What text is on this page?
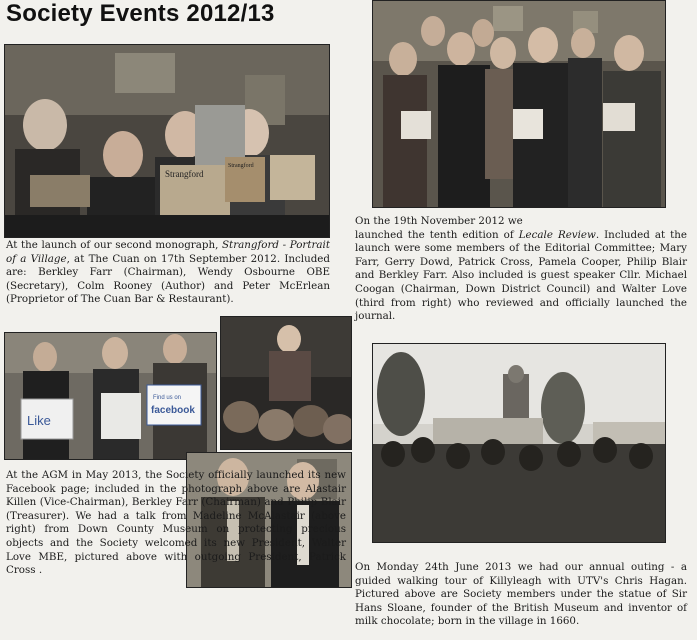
Society Events 2012/13
Strangford
Strangford
At the launch of our second monograph, Strangford - Portrait of a Village, at The Cuan on 17th September 2012. Included are: Berkley Farr (Chairman), Wendy Osbourne OBE (Secretary), Colm Rooney (Author) and Peter McErlean (Proprietor of The Cuan Bar & Restaurant).
On the 19th November 2012 we
launched the tenth edition of Lecale Review. Included at the launch were some members of the Editorial Committee; Mary Farr, Gerry Dowd, Patrick Cross, Pamela Cooper, Philip Blair and Berkley Farr. Also included is guest speaker Cllr. Michael Coogan (Chairman, Down District Council) and Walter Love (third from right) who reviewed and officially launched the journal.
Like
Find us on
facebook
At the AGM in May 2013, the Society officially launched its new Facebook page; included in the photograph above are Alastair Killen (Vice-Chairman), Berkley Farr (Chairman) and Philip Blair (Treasurer). We had a talk from Madeline McAlastair (above right) from Down County Museum on protecting precious objects and the Society welcomed its new President, Walter Love MBE, pictured above with outgoing President, Patrick Cross .	On Monday 24th June 2013 we had our annual outing - a guided walking tour of Killyleagh with UTV's Chris Hagan. Pictured above are Society members under the statue of Sir Hans Sloane, founder of the British Museum and inventor of milk chocolate; born in the village in 1660.
